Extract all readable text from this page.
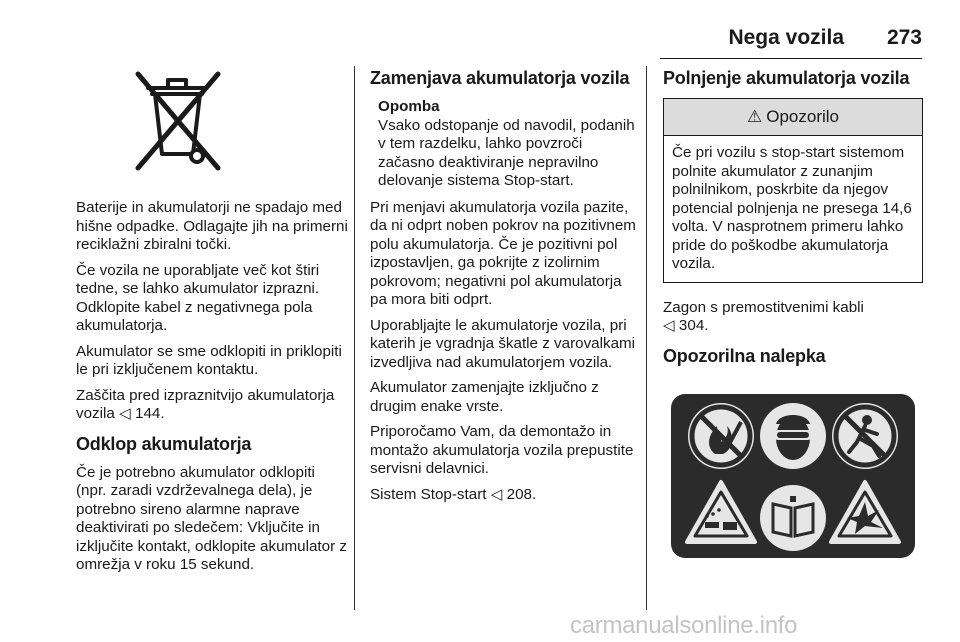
Nega vozila 273

Baterije in akumulatorji ne spadajo med hišne odpadke. Odlagajte jih na primerni reciklažni zbiralni točki.

Če vozila ne uporabljate več kot štiri tedne, se lahko akumulator izprazni. Odklopite kabel z negativnega pola akumulatorja.

Akumulator se sme odklopiti in priklopiti le pri izključenem kontaktu.

Zaščita pred izpraznitvijo akumulatorja vozila ◁ 144.

Odklop akumulatorja

Če je potrebno akumulator odklopiti (npr. zaradi vzdrževalnega dela), je potrebno sireno alarmne naprave deaktivirati po sledečem: Vključite in izključite kontakt, odklopite akumulator z omrežja v roku 15 sekund.

Zamenjava akumulatorja vozila
Opomba
Vsako odstopanje od navodil, podanih v tem razdelku, lahko povzroči začasno deaktiviranje nepravilno delovanje sistema Stop-start.

Pri menjavi akumulatorja vozila pazite, da ni odprt noben pokrov na pozitivnem polu akumulatorja. Če je pozitivni pol izpostavljen, ga pokrijte z izolirnim pokrovom; negativni pol akumulatorja pa mora biti odprt.

Uporabljajte le akumulatorje vozila, pri katerih je vgradnja škatle z varovalkami izvedljiva nad akumulatorjem vozila.

Akumulator zamenjajte izključno z drugim enake vrste.

Priporočamo Vam, da demontažo in montažo akumulatorja vozila prepustite servisni delavnici.

Sistem Stop-start ◁ 208.

Polnjenje akumulatorja vozila
⚠ Opozorilo
Če pri vozilu s stop-start sistemom polnite akumulator z zunanjim polnilnikom, poskrbite da njegov potencial polnjenja ne presega 14,6 volta. V nasprotnem primeru lahko pride do poškodbe akumulatorja vozila.

Zagon s premostitvenimi kabli
◁ 304.

Opozorilna nalepka
carmanualsonline.info
